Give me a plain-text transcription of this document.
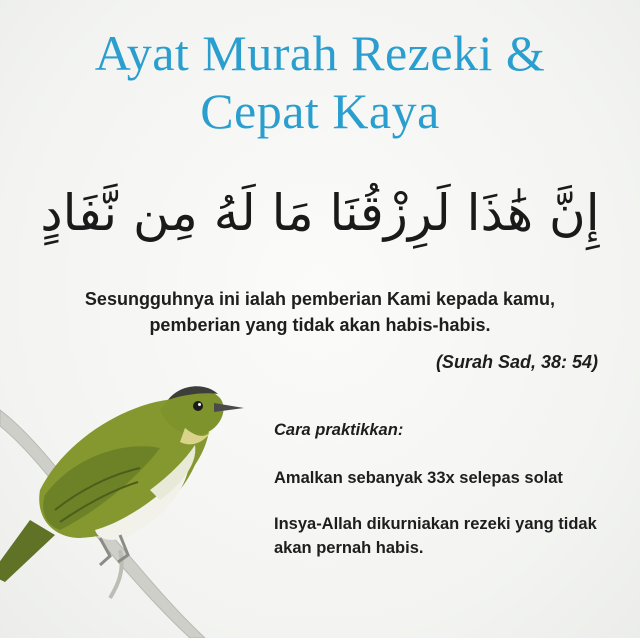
Ayat Murah Rezeki &
Cepat Kaya
إِنَّ هَٰذَا لَرِزْقُنَا مَا لَهُ مِن نَّفَادٍ
Sesungguhnya ini ialah pemberian Kami kepada kamu,
pemberian yang tidak akan habis-habis.
(Surah Sad, 38: 54)
Cara praktikkan:
Amalkan sebanyak 33x selepas solat
Insya-Allah dikurniakan rezeki yang tidak akan pernah habis.
